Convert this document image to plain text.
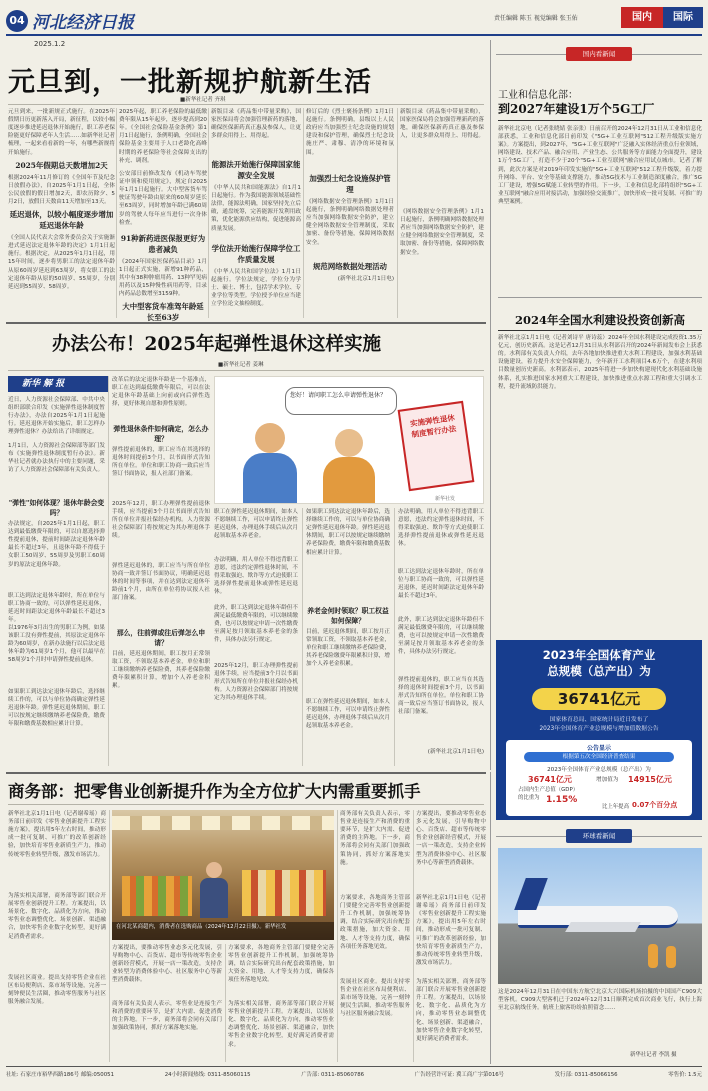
04 河北经济日报
2025.1.2
责任编辑 陈玉 视觉编辑 张玉佑	国内	国际
元旦到，一批新规护航新生活
■新华社记者 齐琪
元旦到来，一批新规正式施行。在2025年假期日历更新落入开局，新征程，以较小幅度逐步推进延迟退休开始施行，职工养老保险能更好保障老年人生活……如新华社记者梳理，一起来看看新的一年，有哪些新规将开始施行。
2025年假期总天数增加2天
根据2024年11月修订的《全国年节及纪念日放假办法》，自2025年1月1日起，全体公民放假的假日增加2天，即农历除夕、5月2日，放假日天数由11天增加至13天。
延迟退休，以较小幅度逐步增加延迟退休年龄
《全国人民代表大会常务委员会关于实施渐进式延迟法定退休年龄的决定》1月1日起施行。根据决定，从2025年1月1日起，用15年时间，逐步将男职工的法定退休年龄从原60周岁延迟到63周岁，将女职工的法定退休年龄从原的50周岁、55周岁，分别延迟到55周岁、58周岁。
2025年起，职工养老保险的最低缴费年限从15年起步，逐步提高到20年。《全国社会保险基金条例》第1月1日起施行，条例明确，全国社会保险基金主要用于人口老龄化高峰时期的养老保险等社会保障支出的补充、调剂。
公安部日前修改发布《机动车驾驶证申领和使用规定》，规定自2025年1月1日起施行。大中型客货车驾驶证驾驶年龄由原来的60周岁延长至63周岁，同时增加年龄已满60周岁的驾驶人每年应当进行一次身体检查。
91种新药进医保报更好为患者减负
《2024年国家医保药品目录》1月1日起正式实施，新增91种药品，其中有38种肿瘤用药、13种罕见病用药以及15种慢性病用药等，目录内药品总数增至3159种。
大中型客货车准驾年龄延长至63岁
新版目录《药品集中带量采购》，国家医保局将会加强管理新药的落地，确保医保新药真正惠及参保人，让更多群众用得上、用得起。
能源法开始施行保障国家能源安全发展
《中华人民共和国能源法》自1月1日起施行。作为我国能源领域基础性法律，能源法明确，国家坚持先立后破，通盘统筹，完善能源开发利用政策，优化能源供应结构，促进能源高质量发展。
学位法开始施行保障学位工作质量发展
《中华人民共和国学位法》1月1日起施行。学位法规定，学位分为学士、硕士、博士，包括学术学位、专业学位等类型。学位授予单位应当建立学位论文抽检制度。
修订后的《烈士褒扬条例》1月1日起施行。条例明确，县级以上人民政府应当加强烈士纪念设施的规划建设和保护管理，确保烈士纪念设施庄严、肃穆、清净的环境和氛围。
加强烈士纪念设施保护管理
《网络数据安全管理条例》1月1日起施行，条例明确网络数据处理者应当加强网络数据安全防护，建立健全网络数据安全管理制度，采取加密、备份等措施，保障网络数据安全。
规范网络数据处理活动
(新华社北京1月1日电)
新版目录《药品集中带量采购》，国家医保局将会加强管理新药的落地，确保医保新药真正惠及参保人，让更多群众用得上、用得起。
《网络数据安全管理条例》1月1日起施行，条例明确网络数据处理者应当加强网络数据安全防护，建立健全网络数据安全管理制度，采取加密、备份等措施，保障网络数据安全。
国内看新闻
工业和信息化部：
到2027年建设1万个5G工厂
新华社北京电（记者张晓婧 张亲张）日前召开的2024年12月31日从工业和信息化部获悉，工业和信息化部日前印发《"5G+工业互联网"512工程升级版实施方案》。方案提出，到2027年，"5G+工业互联网"广泛融入实体经济重点行业领域，网络建设、技术产品、融合应用、产业生态、公共服务等方面能力全面提升，建设1万个5G工厂，打造不少于20个"5G+工业互联网"融合应用试点城市。记者了解到，此次方案是对2019年印发实施的"5G+工业互联网"512工程升级版，着力提升网络、平台、安全等基础支撑能力，推动5G技术与工业制造深度融合，推广5G工厂建设，增强5G赋能工业转型的作用。下一步，工业和信息化部将组织"5G+工业互联网"融合应用对接活动，加强经验交流推广，加快形成一批可复制、可推广的典型案例。
2024年全国水利建设投资创新高
新华社北京1月1日电（记者刘诗平 唐诗蕊）2024年全国水利建设完成投资1.35万亿元，创历史新高。这是记者12月31日从水利部召开的2024年新闻发布会上获悉的。水利部有关负责人介绍，去年各地加快推进重大水利工程建设，加强水利基础设施建设，着力提升水安全保障能力，全年新开工水利项目4.6万个，在建水利项目数量创历史新高。水利部表示，2025年将进一步加快构建现代化水利基础设施体系，扎实推进国家水网重大工程建设，加快推进重点水源工程和重大引调水工程，提升流域防洪能力。
2023年全国体育产业
总规模（总产出）为
36741亿元
国家体育总局、国家统计局近日发布了
2023年全国体育产业总规模与增加值数据公告
公告显示
根据第五次全国经济普查结果
2023年全国体育产业总规模（总产出）为
36741亿元	增加值为 14915亿元
占国内生产总值（GDP）
的比重为 1.15%
比上年提高 0.07个百分点
办法公布！2025年起弹性退休这样实施
■新华社记者 姜琳
新华 解 报
近日，人力资源社会保障部、中共中央组织部联合印发《实施弹性退休制度暂行办法》，办法自2025年1月1日起施行。延迟退休开始实施后，职工怎样办理弹性退休？办法给出了详细规定。
1月1日，人力资源社会保障部等部门发布《实施弹性退休制度暂行办法》。新华社记者就办法执行中的主要问题，采访了人力资源社会保障部有关负责人。
"弹性"如何体现？退休年龄会变吗？
办法规定，自2025年1月1日起，职工达到最低缴费年限的，可以自愿选择弹性提前退休，提前时间距法定退休年龄最长不超过3年，且退休年龄不得低于女职工50周岁、55周岁及男职工60周岁的原法定退休年龄。
职工达到法定退休年龄时，所在单位与职工协商一致的，可以弹性延迟退休，延迟时间距法定退休年龄最长不超过3年。
以1976年3月出生的男职工为例，如果该职工没有弹性提前，其原法定退休年龄为60周岁，在新办法施行以后法定退休年龄为61周岁1个月，他可以最早在58周岁1个月时申请弹性提前退休。
如果职工到达法定退休年龄后，选择继续工作的，可以与单位协商确定弹性延迟退休年龄。弹性延迟退休期间，职工可以按规定继续缴纳养老保险费，缴费年限和缴费基数相应累计计算。
改革后的法定退休年龄是一个基准点，职工在达到最低缴费年限后，可以在法定退休年龄基础上向前或向后弹性选择，更好体现自愿和弹性原则。
弹性退休条件如何确定，怎么办理？
弹性提前退休的，职工应当在其选择的退休时间提前3个月，以书面形式告知所在单位。单位和职工协商一致后应当签订书面协议，报人社部门备案。
2025年12月，职工办理弹性提前退休手续，应当提前3个月以书面形式告知所在单位并报社保经办机构。人力资源社会保障部门将按规定为其办理退休手续。
弹性延迟退休的，职工应当与所在单位协商一致并签订书面协议，明确延迟退休的时间等事项，并在达到法定退休年龄前1个月，由所在单位将协议报人社部门备案。
那么，往前弹或往后弹怎么申请？
目前，延迟退休期间，职工按月正常领取工资，不领取基本养老金，单位和职工继续缴纳养老保险费，其养老保险缴费年限累积计算，增加个人养老金积累。
您好！请问职工怎么申请弹性退休？
实施弹性退休制度暂行办法
新华社发
职工在弹性延迟退休期间，如本人不愿继续工作，可以申请终止弹性延迟退休，办理退休手续后从次月起领取基本养老金。
办法明确，用人单位不得违背职工意愿，违法约定弹性退休时间，不得采取强迫、欺诈等方式迫使职工选择弹性提前退休或弹性延迟退休。
此外，职工达到法定退休年龄但不满足最低缴费年限的，可以继续缴费，也可以按规定申请一次性缴费至满足按月领取基本养老金的条件，具体办法另行规定。
2025年12月，职工办理弹性提前退休手续，应当提前3个月以书面形式告知所在单位并报社保经办机构。人力资源社会保障部门将按规定为其办理退休手续。
如果职工到达法定退休年龄后，选择继续工作的，可以与单位协商确定弹性延迟退休年龄。弹性延迟退休期间，职工可以按规定继续缴纳养老保险费，缴费年限和缴费基数相应累计计算。
养老金何时领取？职工权益如何保障？
目前，延迟退休期间，职工按月正常领取工资，不领取基本养老金，单位和职工继续缴纳养老保险费，其养老保险缴费年限累积计算，增加个人养老金积累。
职工在弹性延迟退休期间，如本人不愿继续工作，可以申请终止弹性延迟退休，办理退休手续后从次月起领取基本养老金。
办法明确，用人单位不得违背职工意愿，违法约定弹性退休时间，不得采取强迫、欺诈等方式迫使职工选择弹性提前退休或弹性延迟退休。
职工达到法定退休年龄时，所在单位与职工协商一致的，可以弹性延迟退休，延迟时间距法定退休年龄最长不超过3年。
此外，职工达到法定退休年龄但不满足最低缴费年限的，可以继续缴费，也可以按规定申请一次性缴费至满足按月领取基本养老金的条件，具体办法另行规定。
弹性提前退休的，职工应当在其选择的退休时间提前3个月，以书面形式告知所在单位。单位和职工协商一致后应当签订书面协议，报人社部门备案。
(新华社北京1月1日电)
商务部：把零售业创新提升作为全方位扩大内需重要抓手
新华社北京1月1日电（记者谢希瑶）商务部日前印发《零售业创新提升工程实施方案》，提出用5年左右时间，推动形成一批可复制、可推广的改革创新经验，加快培育零售业新质生产力，推动传统零售业转型升级，激发市场活力。
为落实相关部署，商务部等部门联合开展零售业创新提升工程。方案提出，以场景化、数字化、品质化为方向，推动零售业态调整优化、场景创新、渠道融合，加快零售企业数字化转型，更好满足消费者需求。
发展社区商业。提出支持零售企业在社区布局便利店、菜市场等设施，完善一刻钟便民生活圈，推动零售服务与社区服务融合发展。
在河北某商超内，消费者在选购商品（2024年12月22日摄）。新华社发
方案提出，要推动零售业态多元化发展，引导购物中心、百货店、超市等传统零售企业创新经营模式，开展一店一策改造，支持企业转型为消费体验中心、社区服务中心等新型消费载体。
商务部有关负责人表示，零售业是连接生产和消费的重要环节，是扩大内需、促进消费的主阵地。下一步，商务部将会同有关部门加强政策协同，抓好方案落地实施。
方案要求，各地商务主管部门要健全完善零售业创新提升工作机制，加强统筹协调，结合实际研究出台配套政策措施，加大资金、用地、人才等支持力度，确保各项任务落地见效。
为落实相关部署，商务部等部门联合开展零售业创新提升工程。方案提出，以场景化、数字化、品质化为方向，推动零售业态调整优化、场景创新、渠道融合，加快零售企业数字化转型，更好满足消费者需求。
商务部有关负责人表示，零售业是连接生产和消费的重要环节，是扩大内需、促进消费的主阵地。下一步，商务部将会同有关部门加强政策协同，抓好方案落地实施。
方案要求，各地商务主管部门要健全完善零售业创新提升工作机制，加强统筹协调，结合实际研究出台配套政策措施，加大资金、用地、人才等支持力度，确保各项任务落地见效。
发展社区商业。提出支持零售企业在社区布局便利店、菜市场等设施，完善一刻钟便民生活圈，推动零售服务与社区服务融合发展。
方案提出，要推动零售业态多元化发展，引导购物中心、百货店、超市等传统零售企业创新经营模式，开展一店一策改造，支持企业转型为消费体验中心、社区服务中心等新型消费载体。
新华社北京1月1日电（记者谢希瑶）商务部日前印发《零售业创新提升工程实施方案》，提出用5年左右时间，推动形成一批可复制、可推广的改革创新经验，加快培育零售业新质生产力，推动传统零售业转型升级，激发市场活力。
为落实相关部署，商务部等部门联合开展零售业创新提升工程。方案提出，以场景化、数字化、品质化为方向，推动零售业态调整优化、场景创新、渠道融合，加快零售企业数字化转型，更好满足消费者需求。
环球看新闻
这是2024年12月31日在中国东方航空北京大兴国际机场拍摄的中国国产C909大型客机。C909大型客机已于2024年12月31日顺利完成首次商业飞行，执行上海至北京航线任务。航班上旅客纷纷拍照留念……
新华社记者 李凯 摄
社址: 石家庄市裕华西路186号 邮编:050051	24小时新闻热线: 0311-85060115	广告部: 0311-85060786	广告经营许可证: 冀工商广字第016号	发行部: 0311-85066156	零售价: 1.5元
